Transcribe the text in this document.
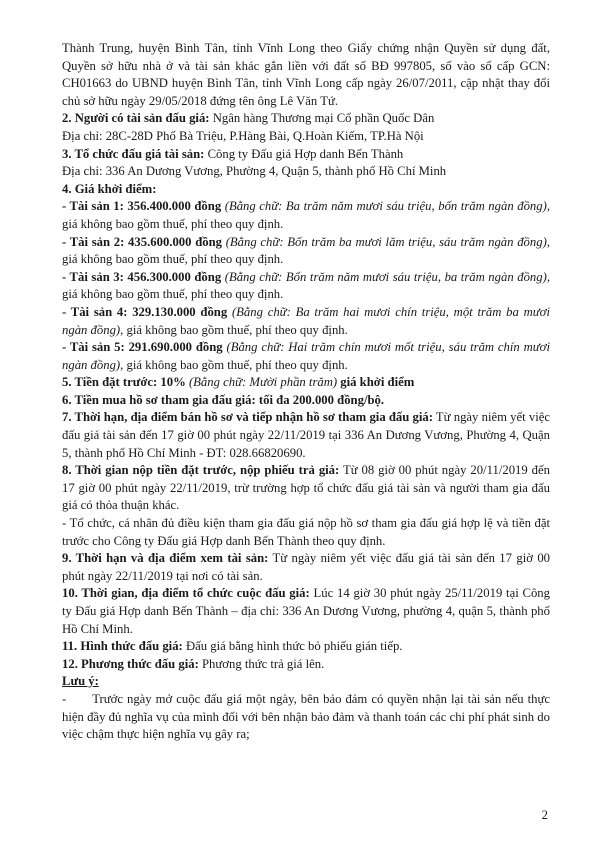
Thành Trung, huyện Bình Tân, tỉnh Vĩnh Long theo Giấy chứng nhận Quyền sử dụng đất, Quyền sở hữu nhà ở và tài sản khác gắn liền với đất số BĐ 997805, số vào sổ cấp GCN: CH01663 do UBND huyện Bình Tân, tỉnh Vĩnh Long cấp ngày 26/07/2011, cập nhật thay đổi chủ sở hữu ngày 29/05/2018 đứng tên ông Lê Văn Tứ.

2. Người có tài sản đấu giá: Ngân hàng Thương mại Cổ phần Quốc Dân

Địa chỉ: 28C-28D Phố Bà Triệu, P.Hàng Bài, Q.Hoàn Kiếm, TP.Hà Nội

3. Tổ chức đấu giá tài sản: Công ty Đấu giá Hợp danh Bến Thành

Địa chỉ: 336 An Dương Vương, Phường 4, Quận 5, thành phố Hồ Chí Minh

4. Giá khởi điểm:

- Tài sản 1: 356.400.000 đồng (Bằng chữ: Ba trăm năm mươi sáu triệu, bốn trăm ngàn đồng), giá không bao gồm thuế, phí theo quy định.

- Tài sản 2: 435.600.000 đồng (Bằng chữ: Bốn trăm ba mươi lăm triệu, sáu trăm ngàn đồng), giá không bao gồm thuế, phí theo quy định.

- Tài sản 3: 456.300.000 đồng (Bằng chữ: Bốn trăm năm mươi sáu triệu, ba trăm ngàn đồng), giá không bao gồm thuế, phí theo quy định.

- Tài sản 4: 329.130.000 đồng (Bằng chữ: Ba trăm hai mươi chín triệu, một trăm ba mươi ngàn đồng), giá không bao gồm thuế, phí theo quy định.

- Tài sản 5: 291.690.000 đồng (Bằng chữ: Hai trăm chín mươi mốt triệu, sáu trăm chín mươi ngàn đồng), giá không bao gồm thuế, phí theo quy định.

5. Tiền đặt trước: 10% (Bằng chữ: Mười phần trăm) giá khởi điểm

6. Tiền mua hồ sơ tham gia đấu giá: tối đa 200.000 đồng/bộ.

7. Thời hạn, địa điểm bán hồ sơ và tiếp nhận hồ sơ tham gia đấu giá: Từ ngày niêm yết việc đấu giá tài sản đến 17 giờ 00 phút ngày 22/11/2019 tại 336 An Dương Vương, Phường 4, Quận 5, thành phố Hồ Chí Minh - ĐT: 028.66820690.

8. Thời gian nộp tiền đặt trước, nộp phiếu trả giá: Từ 08 giờ 00 phút ngày 20/11/2019 đến 17 giờ 00 phút ngày 22/11/2019, trừ trường hợp tổ chức đấu giá tài sản và người tham gia đấu giá có thỏa thuận khác.

- Tổ chức, cá nhân đủ điều kiện tham gia đấu giá nộp hồ sơ tham gia đấu giá hợp lệ và tiền đặt trước cho Công ty Đấu giá Hợp danh Bến Thành theo quy định.

9. Thời hạn và địa điểm xem tài sản: Từ ngày niêm yết việc đấu giá tài sản đến 17 giờ 00 phút ngày 22/11/2019 tại nơi có tài sản.

10. Thời gian, địa điểm tổ chức cuộc đấu giá: Lúc 14 giờ 30 phút ngày 25/11/2019 tại Công ty Đấu giá Hợp danh Bến Thành – địa chỉ: 336 An Dương Vương, phường 4, quận 5, thành phố Hồ Chí Minh.

11. Hình thức đấu giá: Đấu giá bằng hình thức bỏ phiếu gián tiếp.

12. Phương thức đấu giá: Phương thức trả giá lên.

Lưu ý:

- Trước ngày mở cuộc đấu giá một ngày, bên bảo đảm có quyền nhận lại tài sản nếu thực hiện đầy đủ nghĩa vụ của mình đối với bên nhận bảo đảm và thanh toán các chi phí phát sinh do việc chậm thực hiện nghĩa vụ gây ra;

2
